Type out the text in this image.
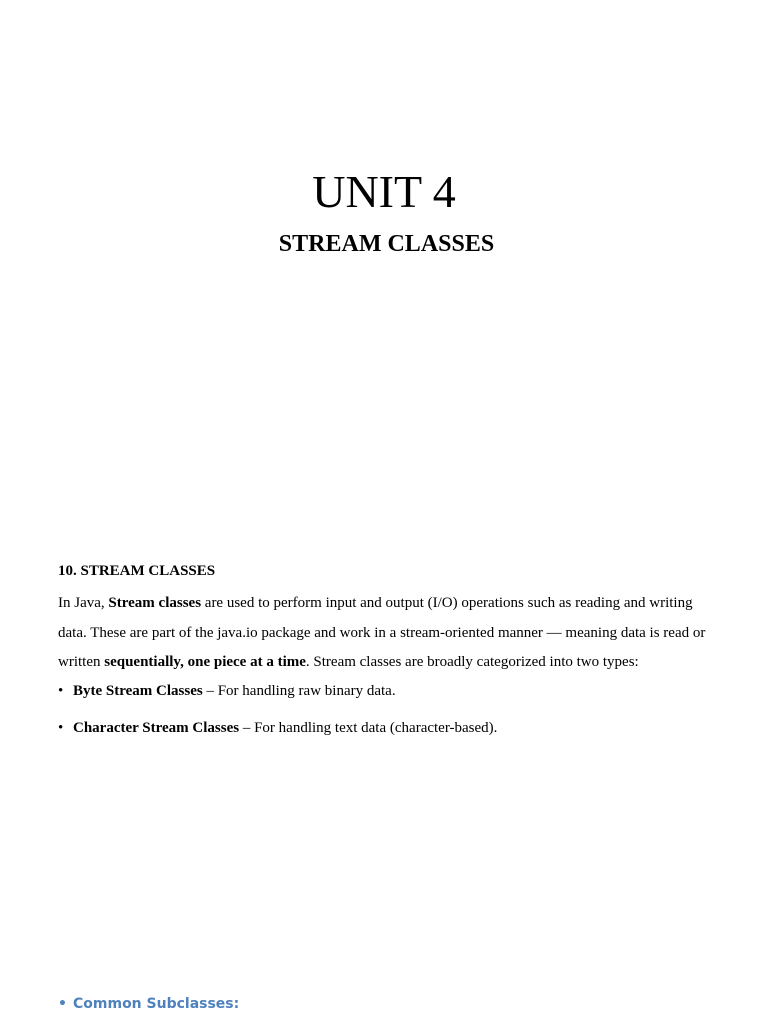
UNIT 4
STREAM CLASSES

10. STREAM CLASSES

In Java, Stream classes are used to perform input and output (I/O) operations such as reading and writing data. These are part of the java.io package and work in a stream-oriented manner — meaning data is read or written sequentially, one piece at a time. Stream classes are broadly categorized into two types:

• Byte Stream Classes – For handling raw binary data.
• Character Stream Classes – For handling text data (character-based).
• Common Subclasses:
